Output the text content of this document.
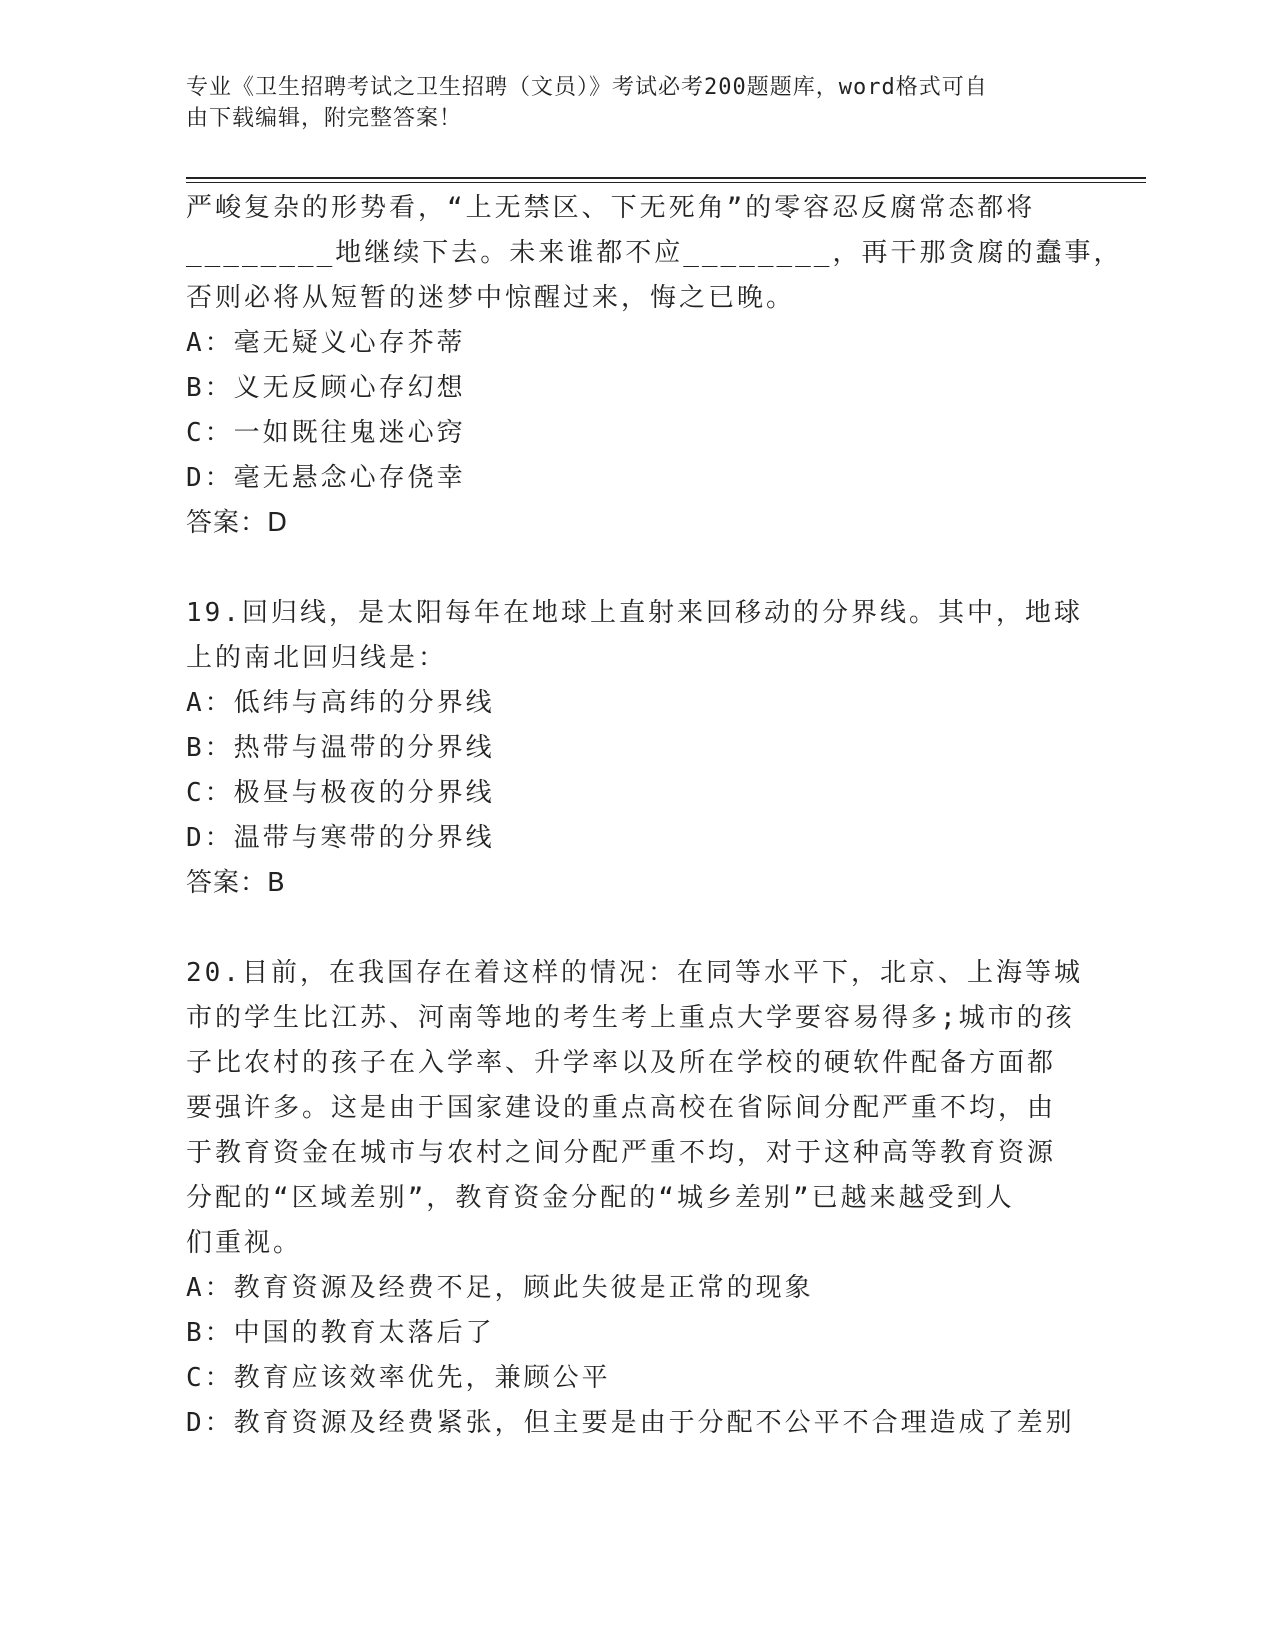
专业《卫生招聘考试之卫生招聘（文员）》考试必考200题题库，word格式可自
由下载编辑，附完整答案！
严峻复杂的形势看，“上无禁区、下无死角”的零容忍反腐常态都将
________地继续下去。未来谁都不应________，再干那贪腐的蠢事，
否则必将从短暂的迷梦中惊醒过来，悔之已晚。
A：毫无疑义心存芥蒂
B：义无反顾心存幻想
C：一如既往鬼迷心窍
D：毫无悬念心存侥幸
答案：D
19.回归线，是太阳每年在地球上直射来回移动的分界线。其中，地球
上的南北回归线是：
A：低纬与高纬的分界线
B：热带与温带的分界线
C：极昼与极夜的分界线
D：温带与寒带的分界线
答案：B
20.目前，在我国存在着这样的情况：在同等水平下，北京、上海等城
市的学生比江苏、河南等地的考生考上重点大学要容易得多;城市的孩
子比农村的孩子在入学率、升学率以及所在学校的硬软件配备方面都
要强许多。这是由于国家建设的重点高校在省际间分配严重不均，由
于教育资金在城市与农村之间分配严重不均，对于这种高等教育资源
分配的“区域差别”，教育资金分配的“城乡差别”已越来越受到人
们重视。
A：教育资源及经费不足，顾此失彼是正常的现象
B：中国的教育太落后了
C：教育应该效率优先，兼顾公平
D：教育资源及经费紧张，但主要是由于分配不公平不合理造成了差别
